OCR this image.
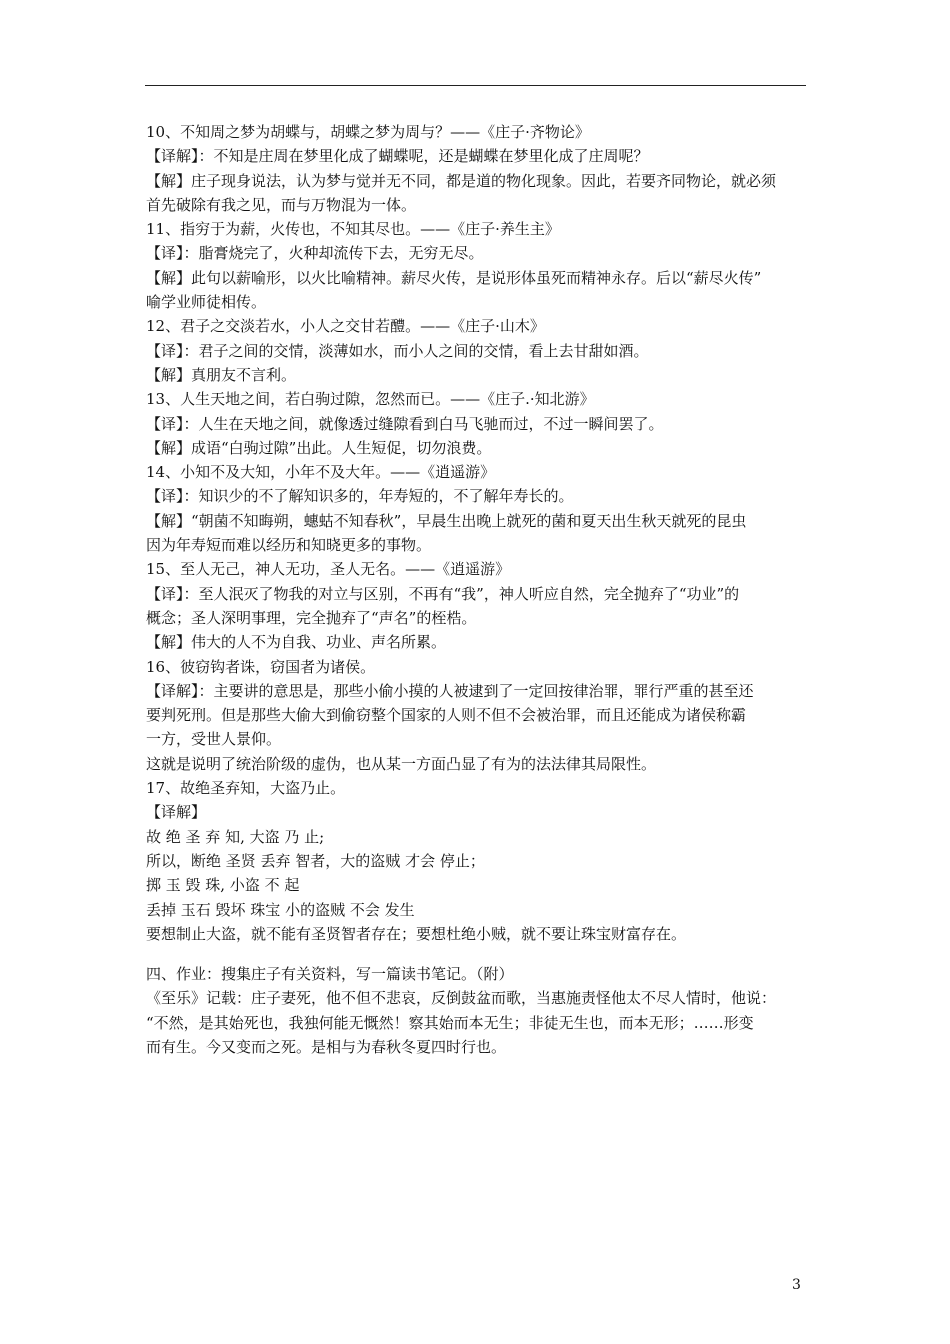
10、不知周之梦为胡蝶与，胡蝶之梦为周与？——《庄子·齐物论》
【译解】：不知是庄周在梦里化成了蝴蝶呢，还是蝴蝶在梦里化成了庄周呢？
【解】庄子现身说法，认为梦与觉并无不同，都是道的物化现象。因此，若要齐同物论，就必须
首先破除有我之见，而与万物混为一体。
11、指穷于为薪，火传也，不知其尽也。——《庄子·养生主》
【译】：脂膏烧完了，火种却流传下去，无穷无尽。
【解】此句以薪喻形，以火比喻精神。薪尽火传，是说形体虽死而精神永存。后以“薪尽火传”
喻学业师徒相传。
12、君子之交淡若水，小人之交甘若醴。——《庄子·山木》
【译】：君子之间的交情，淡薄如水，而小人之间的交情，看上去甘甜如酒。
【解】真朋友不言利。
13、人生天地之间，若白驹过隙，忽然而已。——《庄子.·知北游》
【译】：人生在天地之间，就像透过缝隙看到白马飞驰而过，不过一瞬间罢了。
【解】成语“白驹过隙”出此。人生短促，切勿浪费。
14、小知不及大知，小年不及大年。——《逍遥游》
【译】：知识少的不了解知识多的，年寿短的，不了解年寿长的。
【解】“朝菌不知晦朔，蟪蛄不知春秋”，早晨生出晚上就死的菌和夏天出生秋天就死的昆虫
因为年寿短而难以经历和知晓更多的事物。
15、至人无己，神人无功，圣人无名。——《逍遥游》
【译】：至人泯灭了物我的对立与区别，不再有“我”，神人听应自然，完全抛弃了“功业”的
概念；圣人深明事理，完全抛弃了“声名”的桎梏。
【解】伟大的人不为自我、功业、声名所累。
16、彼窃钩者诛，窃国者为诸侯。
【译解】：主要讲的意思是，那些小偷小摸的人被逮到了一定回按律治罪，罪行严重的甚至还
要判死刑。但是那些大偷大到偷窃整个国家的人则不但不会被治罪，而且还能成为诸侯称霸
一方，受世人景仰。
这就是说明了统治阶级的虚伪，也从某一方面凸显了有为的法法律其局限性。
17、故绝圣弃知，大盗乃止。
【译解】
故 绝 圣 弃 知, 大盗 乃 止;
所以，断绝 圣贤 丢弃 智者，大的盗贼 才会 停止；
掷 玉 毁 珠, 小盗 不 起
丢掉 玉石 毁坏 珠宝 小的盗贼 不会 发生
要想制止大盗，就不能有圣贤智者存在；要想杜绝小贼，就不要让珠宝财富存在。
四、作业：搜集庄子有关资料，写一篇读书笔记。（附）
《至乐》记载：庄子妻死，他不但不悲哀，反倒鼓盆而歌，当惠施责怪他太不尽人情时，他说：
“不然，是其始死也，我独何能无慨然！察其始而本无生；非徒无生也，而本无形；……形变
而有生。今又变而之死。是相与为春秋冬夏四时行也。
3
